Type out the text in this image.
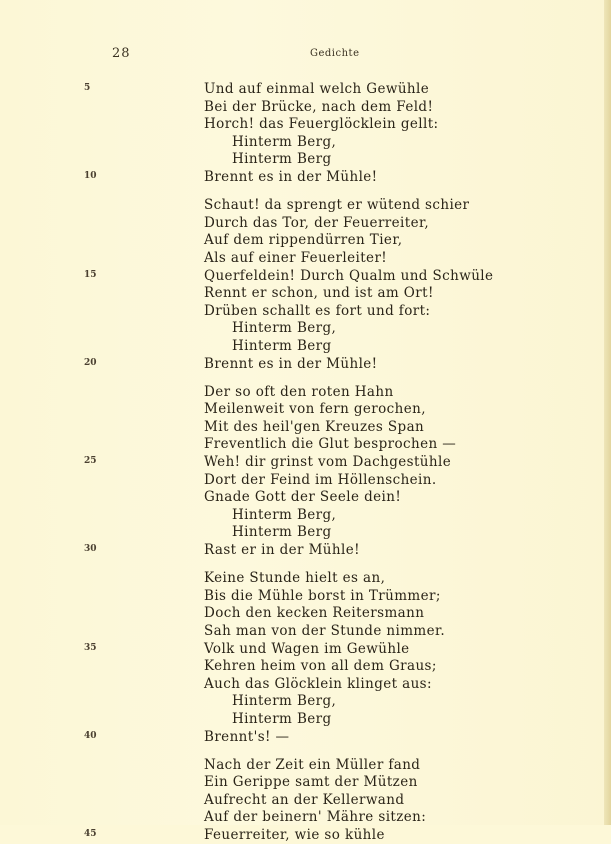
28	Gedichte
5	Und auf einmal welch Gewühle
Bei der Brücke, nach dem Feld!
Horch! das Feuerglöcklein gellt:
Hinterm Berg,
Hinterm Berg
10	Brennt es in der Mühle!
Schaut! da sprengt er wütend schier
Durch das Tor, der Feuerreiter,
Auf dem rippendürren Tier,
Als auf einer Feuerleiter!
15	Querfeldein! Durch Qualm und Schwüle
Rennt er schon, und ist am Ort!
Drüben schallt es fort und fort:
Hinterm Berg,
Hinterm Berg
20	Brennt es in der Mühle!
Der so oft den roten Hahn
Meilenweit von fern gerochen,
Mit des heil'gen Kreuzes Span
Freventlich die Glut besprochen —
25	Weh! dir grinst vom Dachgestühle
Dort der Feind im Höllenschein.
Gnade Gott der Seele dein!
Hinterm Berg,
Hinterm Berg
30	Rast er in der Mühle!
Keine Stunde hielt es an,
Bis die Mühle borst in Trümmer;
Doch den kecken Reitersmann
Sah man von der Stunde nimmer.
35	Volk und Wagen im Gewühle
Kehren heim von all dem Graus;
Auch das Glöcklein klinget aus:
Hinterm Berg,
Hinterm Berg
40	Brennt's! —
Nach der Zeit ein Müller fand
Ein Gerippe samt der Mützen
Aufrecht an der Kellerwand
Auf der beinern' Mähre sitzen:
45	Feuerreiter, wie so kühle
